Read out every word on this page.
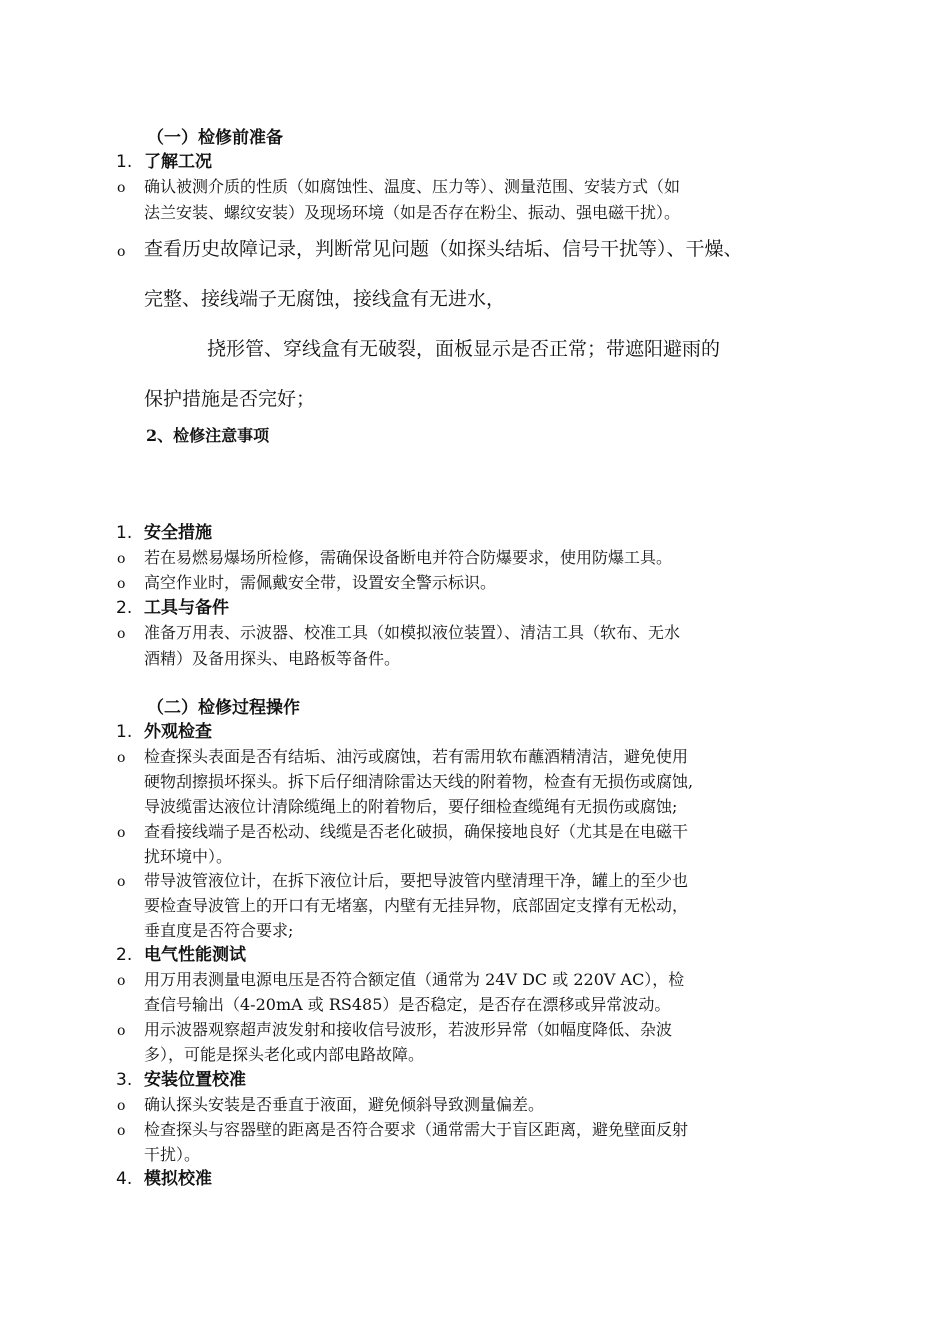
（一）检修前准备
1. 了解工况
o 确认被测介质的性质（如腐蚀性、温度、压力等）、测量范围、安装方式（如
法兰安装、螺纹安装）及现场环境（如是否存在粉尘、振动、强电磁干扰）。
o 查看历史故障记录，判断常见问题（如探头结垢、信号干扰等）、干燥、
完整、接线端子无腐蚀，接线盒有无进水，
挠形管、穿线盒有无破裂，面板显示是否正常；带遮阳避雨的
保护措施是否完好；
2、检修注意事项
1. 安全措施
o 若在易燃易爆场所检修，需确保设备断电并符合防爆要求，使用防爆工具。
o 高空作业时，需佩戴安全带，设置安全警示标识。
2. 工具与备件
o 准备万用表、示波器、校准工具（如模拟液位装置）、清洁工具（软布、无水
酒精）及备用探头、电路板等备件。
（二）检修过程操作
1. 外观检查
o 检查探头表面是否有结垢、油污或腐蚀，若有需用软布蘸酒精清洁，避免使用
硬物刮擦损坏探头。拆下后仔细清除雷达天线的附着物，检查有无损伤或腐蚀,
导波缆雷达液位计清除缆绳上的附着物后，要仔细检查缆绳有无损伤或腐蚀;
o 查看接线端子是否松动、线缆是否老化破损，确保接地良好（尤其是在电磁干
扰环境中）。
o 带导波管液位计，在拆下液位计后，要把导波管内壁清理干净，罐上的至少也
要检查导波管上的开口有无堵塞，内壁有无挂异物，底部固定支撑有无松动，
垂直度是否符合要求;
2. 电气性能测试
o 用万用表测量电源电压是否符合额定值（通常为 24V DC 或 220V AC），检
查信号输出（4-20mA 或 RS485）是否稳定，是否存在漂移或异常波动。
o 用示波器观察超声波发射和接收信号波形，若波形异常（如幅度降低、杂波
多），可能是探头老化或内部电路故障。
3. 安装位置校准
o 确认探头安装是否垂直于液面，避免倾斜导致测量偏差。
o 检查探头与容器壁的距离是否符合要求（通常需大于盲区距离，避免壁面反射
干扰）。
4. 模拟校准
